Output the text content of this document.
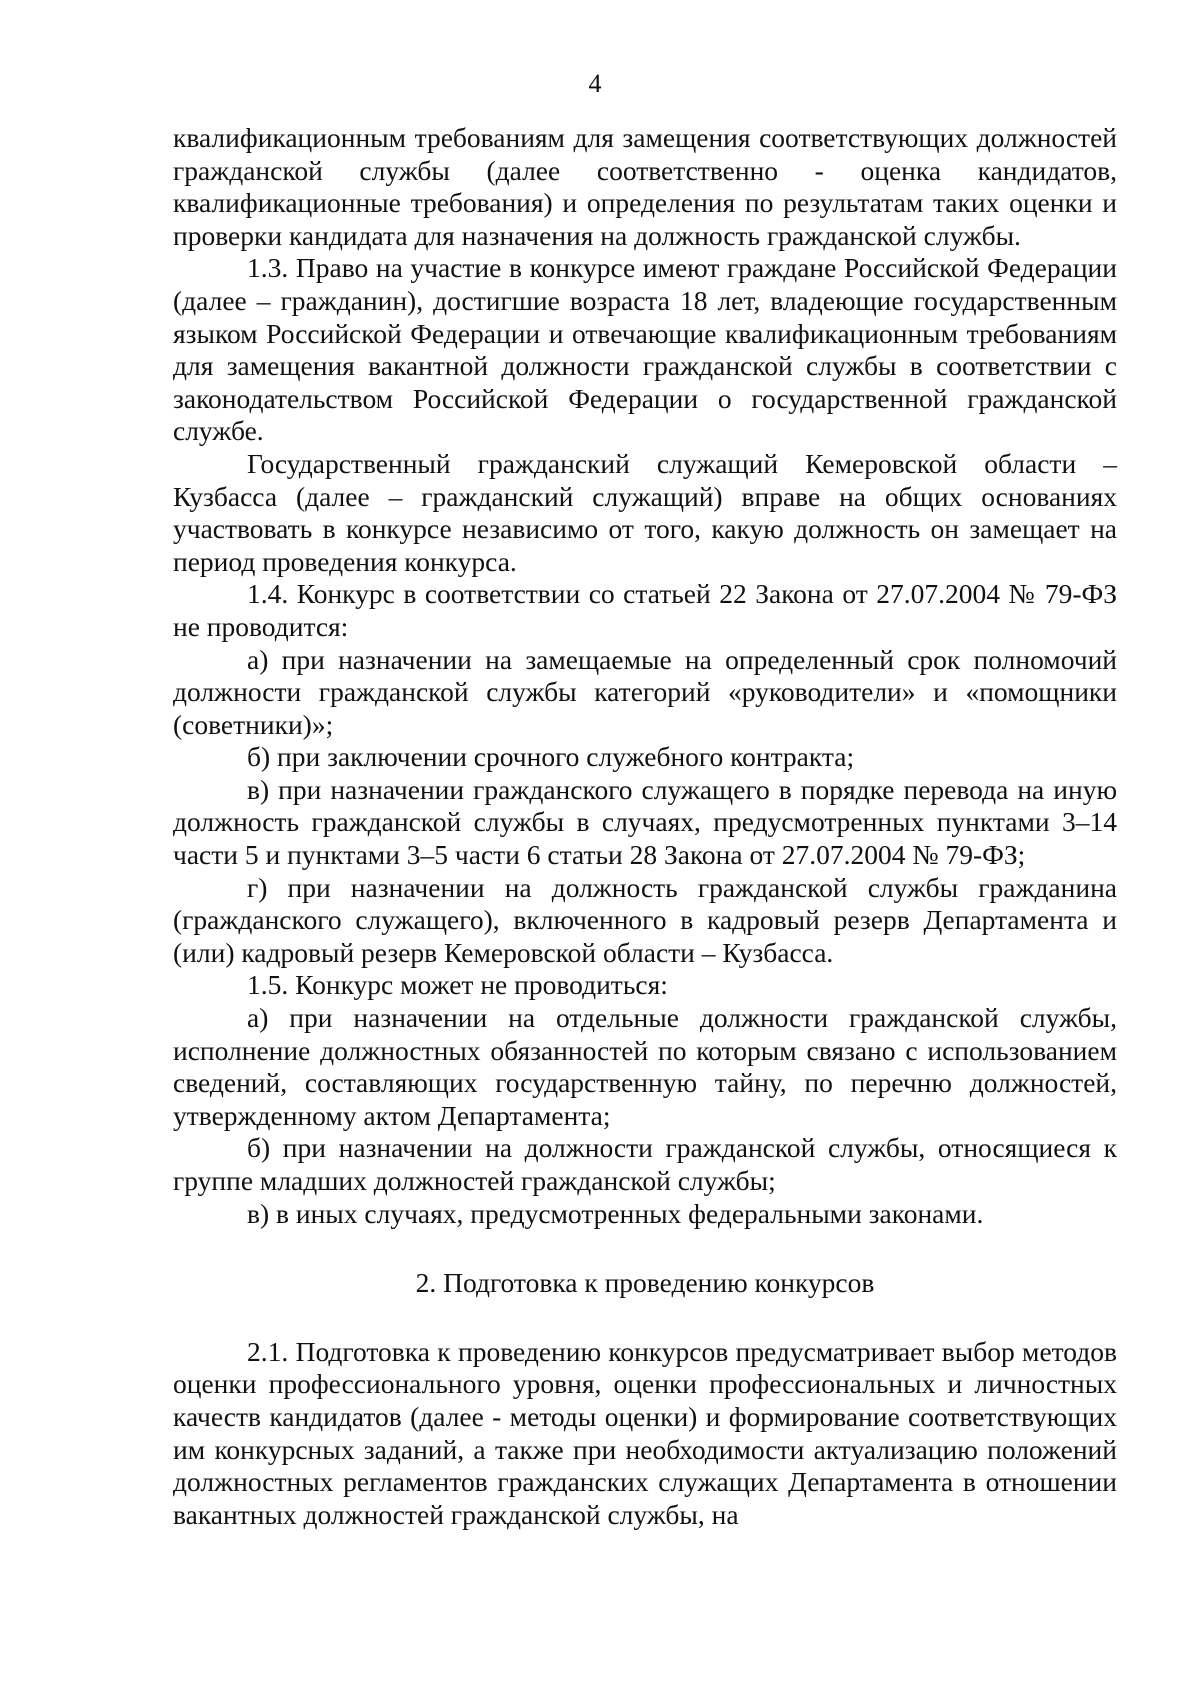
4

квалификационным требованиям для замещения соответствующих должностей гражданской службы (далее соответственно - оценка кандидатов, квалификационные требования) и определения по результатам таких оценки и проверки кандидата для назначения на должность гражданской службы.

1.3. Право на участие в конкурсе имеют граждане Российской Федерации (далее – гражданин), достигшие возраста 18 лет, владеющие государственным языком Российской Федерации и отвечающие квалификационным требованиям для замещения вакантной должности гражданской службы в соответствии с законодательством Российской Федерации о государственной гражданской службе.

Государственный гражданский служащий Кемеровской области – Кузбасса (далее – гражданский служащий) вправе на общих основаниях участвовать в конкурсе независимо от того, какую должность он замещает на период проведения конкурса.

1.4. Конкурс в соответствии со статьей 22 Закона от 27.07.2004 № 79-ФЗ не проводится:

а) при назначении на замещаемые на определенный срок полномочий должности гражданской службы категорий «руководители» и «помощники (советники)»;

б) при заключении срочного служебного контракта;

в) при назначении гражданского служащего в порядке перевода на иную должность гражданской службы в случаях, предусмотренных пунктами 3–14 части 5 и пунктами 3–5 части 6 статьи 28 Закона от 27.07.2004 № 79-ФЗ;

г) при назначении на должность гражданской службы гражданина (гражданского служащего), включенного в кадровый резерв Департамента и (или) кадровый резерв Кемеровской области – Кузбасса.

1.5. Конкурс может не проводиться:

а) при назначении на отдельные должности гражданской службы, исполнение должностных обязанностей по которым связано с использованием сведений, составляющих государственную тайну, по перечню должностей, утвержденному актом Департамента;

б) при назначении на должности гражданской службы, относящиеся к группе младших должностей гражданской службы;

в) в иных случаях, предусмотренных федеральными законами.

2. Подготовка к проведению конкурсов

2.1. Подготовка к проведению конкурсов предусматривает выбор методов оценки профессионального уровня, оценки профессиональных и личностных качеств кандидатов (далее - методы оценки) и формирование соответствующих им конкурсных заданий, а также при необходимости актуализацию положений должностных регламентов гражданских служащих Департамента в отношении вакантных должностей гражданской службы, на
